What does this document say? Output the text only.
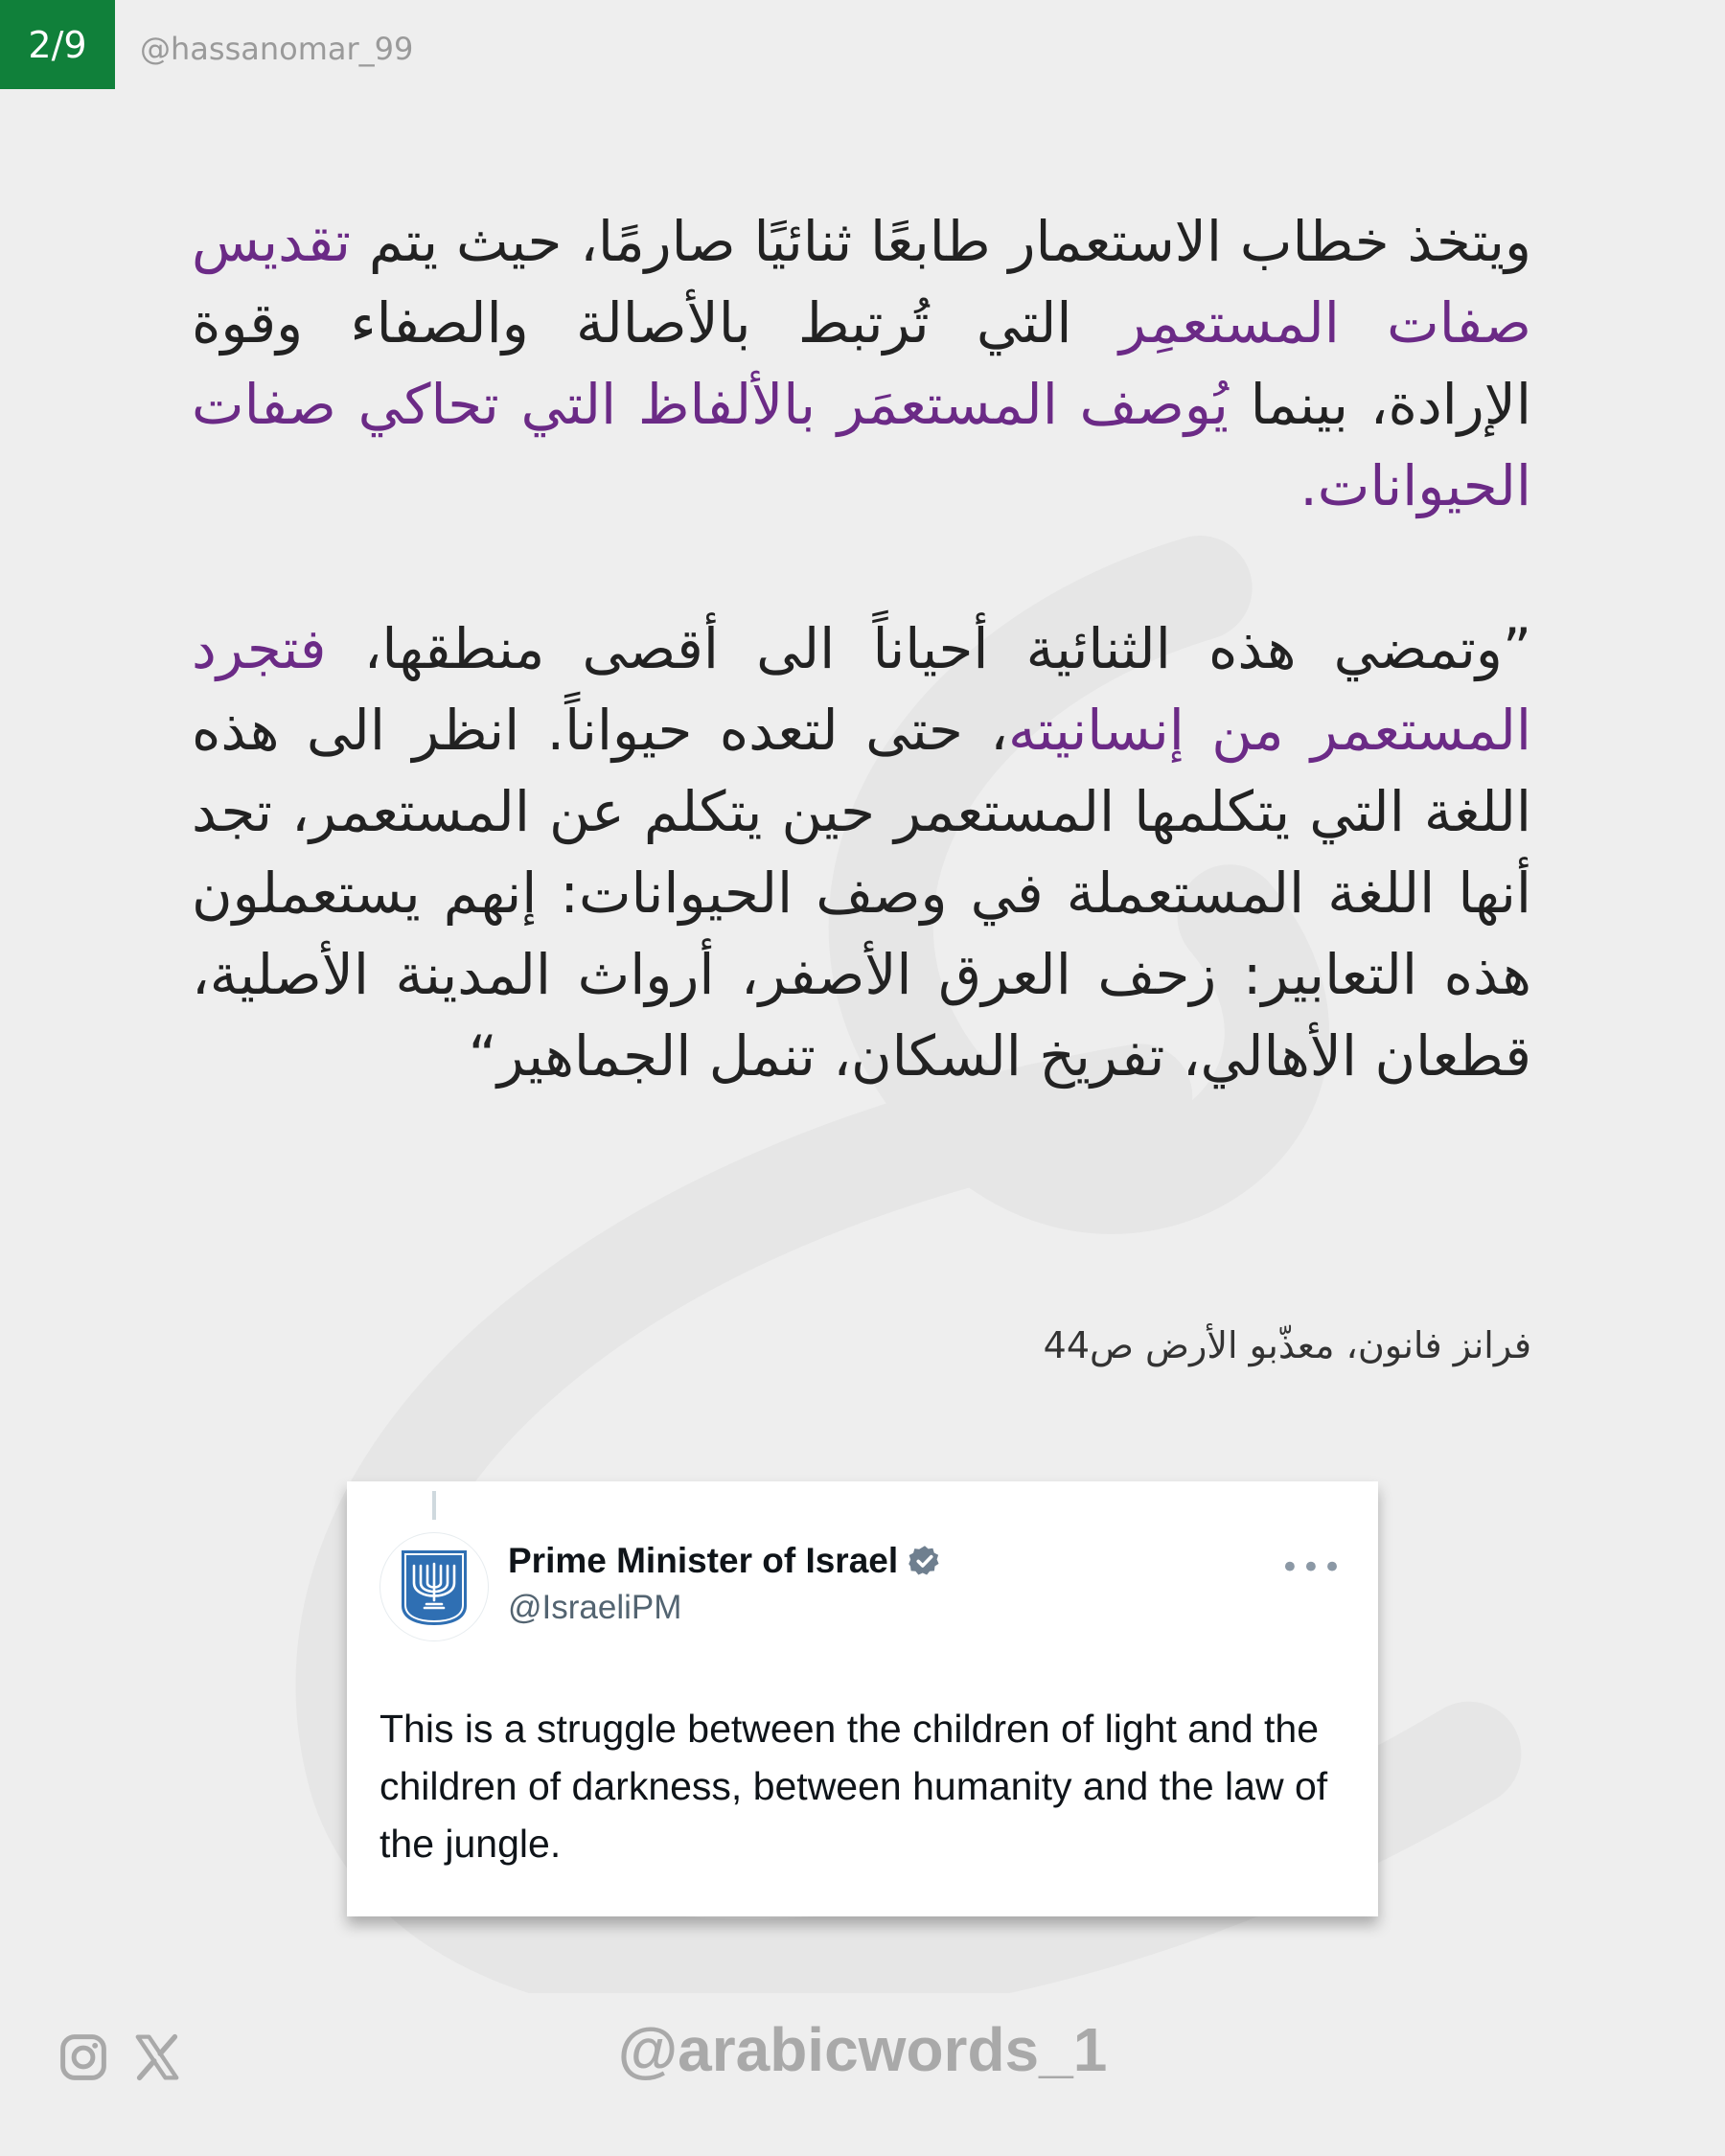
2/9 @hassanomar_99

ويتخذ خطاب الاستعمار طابعًا ثنائيًا صارمًا، حيث يتم تقديس صفات المستعمِر التي تُرتبط بالأصالة والصفاء وقوة الإرادة، بينما يُوصف المستعمَر بالألفاظ التي تحاكي صفات الحيوانات.

”وتمضي هذه الثنائية أحياناً الى أقصى منطقها، فتجرد المستعمر من إنسانيته، حتى لتعده حيواناً. انظر الى هذه اللغة التي يتكلمها المستعمر حين يتكلم عن المستعمر، تجد أنها اللغة المستعملة في وصف الحيوانات: إنهم يستعملون هذه التعابير: زحف العرق الأصفر، أرواث المدينة الأصلية، قطعان الأهالي، تفريخ السكان، تنمل الجماهير“

فرانز فانون، معذّبو الأرض ص44
Prime Minister of Israel
@IsraeliPM
•••
This is a struggle between the children of light and the children of darkness, between humanity and the law of the jungle.
@arabicwords_1
